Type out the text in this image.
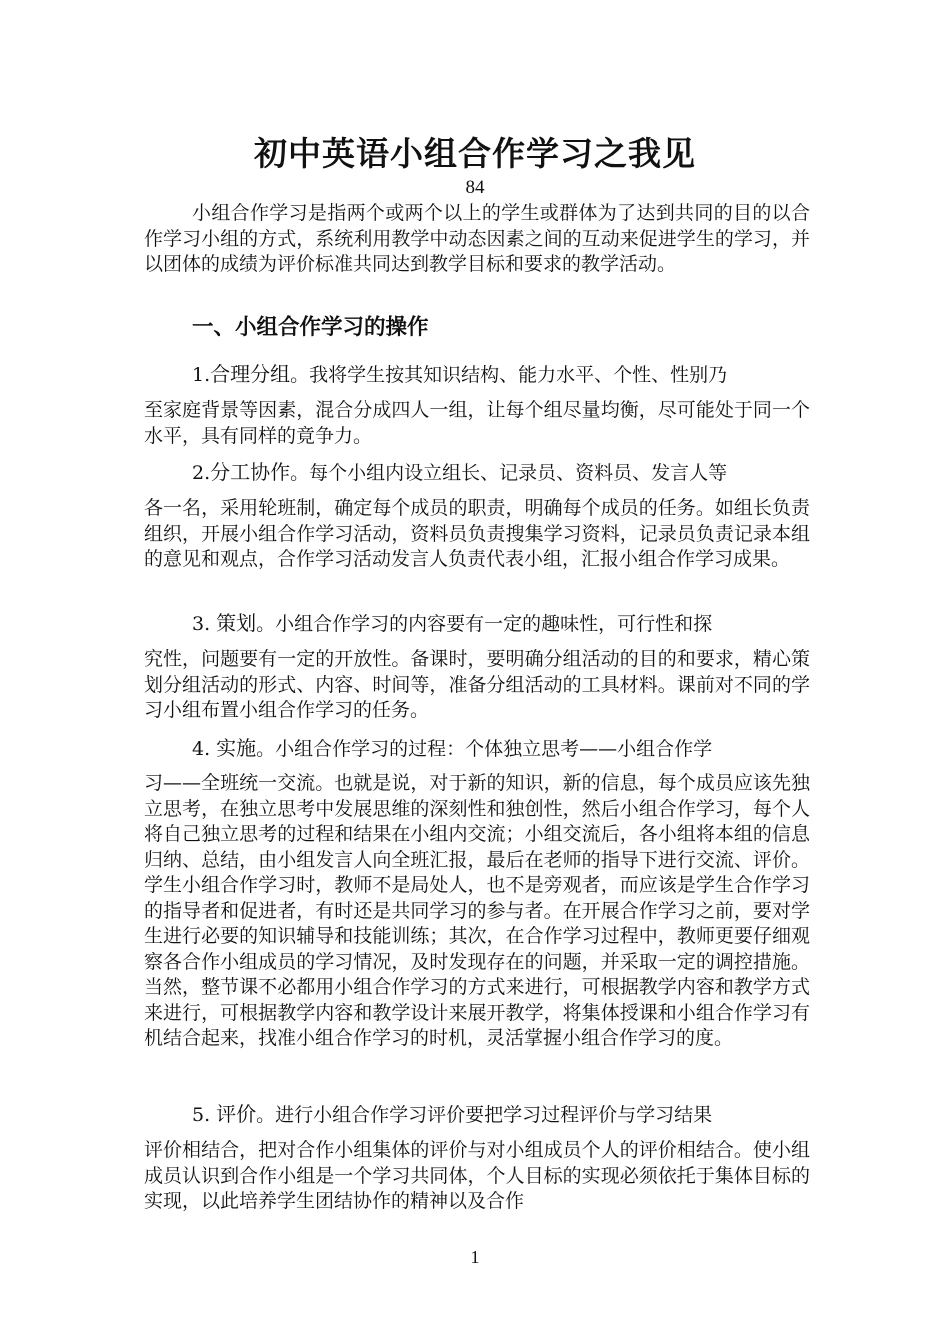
初中英语小组合作学习之我见
84

小组合作学习是指两个或两个以上的学生或群体为了达到共同的目的以合作学习小组的方式，系统利用教学中动态因素之间的互动来促进学生的学习，并以团体的成绩为评价标准共同达到教学目标和要求的教学活动。

一、小组合作学习的操作
1.合理分组。我将学生按其知识结构、能力水平、个性、性别乃

至家庭背景等因素，混合分成四人一组，让每个组尽量均衡，尽可能处于同一个水平，具有同样的竟争力。

2.分工协作。每个小组内设立组长、记录员、资料员、发言人等

各一名，采用轮班制，确定每个成员的职责，明确每个成员的任务。如组长负责组织，开展小组合作学习活动，资料员负责搜集学习资料，记录员负责记录本组的意见和观点，合作学习活动发言人负责代表小组，汇报小组合作学习成果。

3. 策划。小组合作学习的内容要有一定的趣味性，可行性和探

究性，问题要有一定的开放性。备课时，要明确分组活动的目的和要求，精心策划分组活动的形式、内容、时间等，准备分组活动的工具材料。课前对不同的学习小组布置小组合作学习的任务。

4. 实施。小组合作学习的过程：个体独立思考——小组合作学

习——全班统一交流。也就是说，对于新的知识，新的信息，每个成员应该先独立思考，在独立思考中发展思维的深刻性和独创性，然后小组合作学习，每个人将自己独立思考的过程和结果在小组内交流；小组交流后，各小组将本组的信息归纳、总结，由小组发言人向全班汇报，最后在老师的指导下进行交流、评价。学生小组合作学习时，教师不是局处人，也不是旁观者，而应该是学生合作学习的指导者和促进者，有时还是共同学习的参与者。在开展合作学习之前，要对学生进行必要的知识辅导和技能训练；其次，在合作学习过程中，教师更要仔细观察各合作小组成员的学习情况，及时发现存在的问题，并采取一定的调控措施。当然，整节课不必都用小组合作学习的方式来进行，可根据教学内容和教学方式来进行，可根据教学内容和教学设计来展开教学，将集体授课和小组合作学习有机结合起来，找准小组合作学习的时机，灵活掌握小组合作学习的度。

5. 评价。进行小组合作学习评价要把学习过程评价与学习结果

评价相结合，把对合作小组集体的评价与对小组成员个人的评价相结合。使小组成员认识到合作小组是一个学习共同体，个人目标的实现必须依托于集体目标的实现，以此培养学生团结协作的精神以及合作

1
